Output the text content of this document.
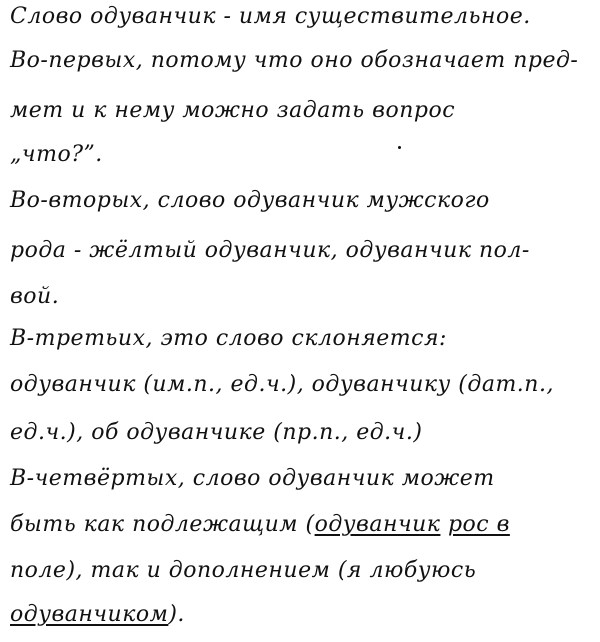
Слово одуванчик - имя существительное.
Во-первых, потому что оно обозначает пред-
мет и к нему можно задать вопрос
„что?”.
Во-вторых, слово одуванчик мужского
рода - жёлтый одуванчик, одуванчик пол-
вой.
В-третьих, это слово склоняется:
одуванчик (им.п., ед.ч.), одуванчику (дат.п.,
ед.ч.), об одуванчике (пр.п., ед.ч.)
В-четвёртых, слово одуванчик может
быть как подлежащим (одуванчик рос в
поле), так и дополнением (я любуюсь
одуванчиком).
